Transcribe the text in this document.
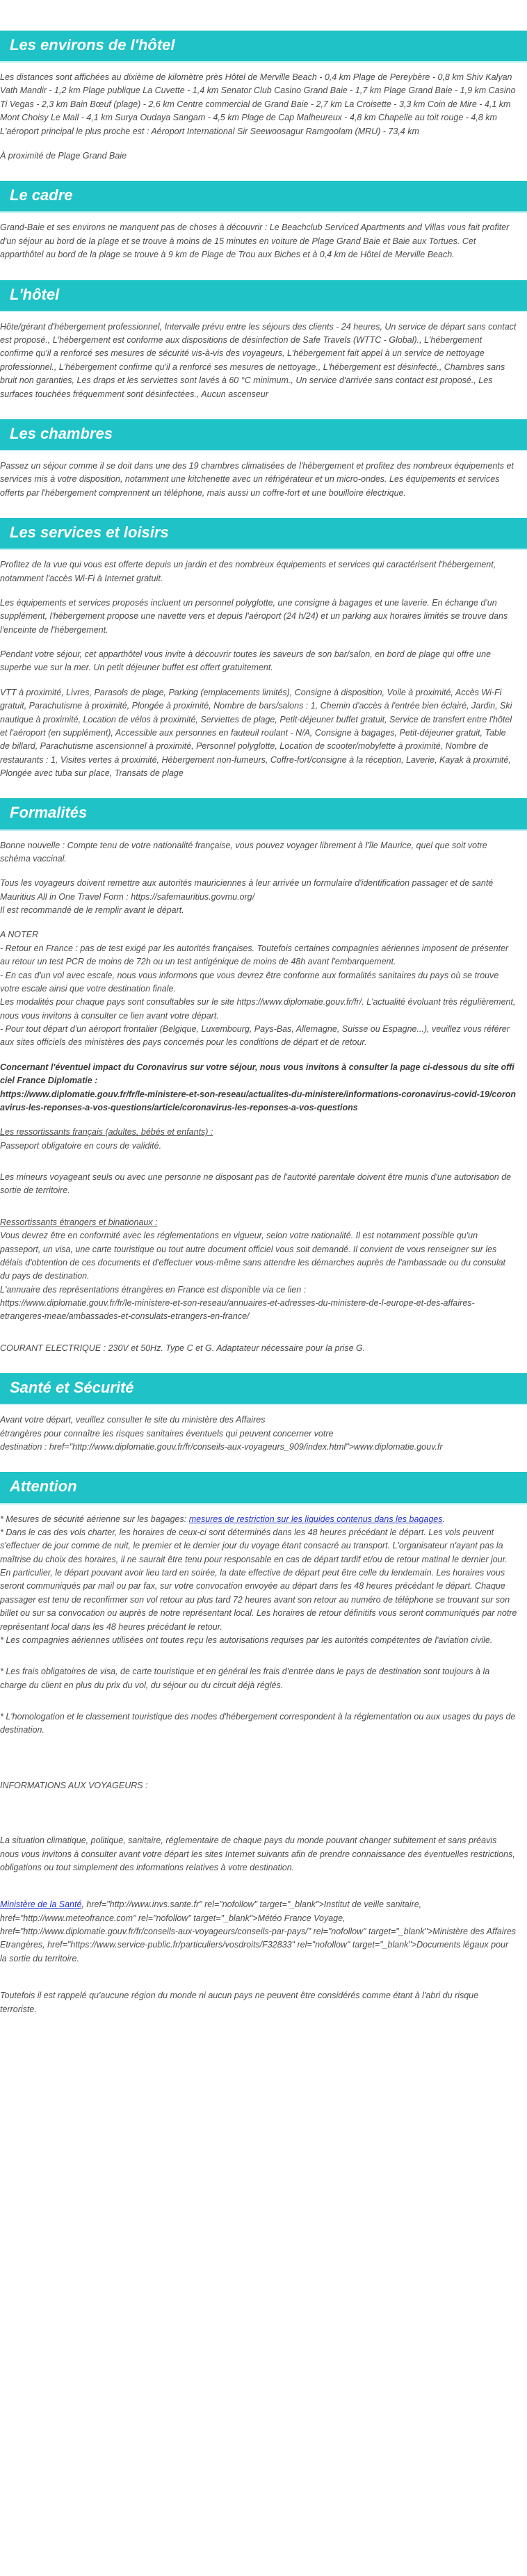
Les environs de l'hôtel

Les distances sont affichées au dixième de kilomètre près Hôtel de Merville Beach - 0,4 km Plage de Pereybère - 0,8 km Shiv Kalyan Vath Mandir - 1,2 km Plage publique La Cuvette - 1,4 km Senator Club Casino Grand Baie - 1,7 km Plage Grand Baie - 1,9 km Casino Ti Vegas - 2,3 km Bain Bœuf (plage) - 2,6 km Centre commercial de Grand Baie - 2,7 km La Croisette - 3,3 km Coin de Mire - 4,1 km Mont Choisy Le Mall - 4,1 km Surya Oudaya Sangam - 4,5 km Plage de Cap Malheureux - 4,8 km Chapelle au toit rouge - 4,8 km L'aéroport principal le plus proche est : Aéroport International Sir Seewoosagur Ramgoolam (MRU) - 73,4 km

À proximité de Plage Grand Baie

Le cadre

Grand-Baie et ses environs ne manquent pas de choses à découvrir : Le Beachclub Serviced Apartments and Villas vous fait profiter d'un séjour au bord de la plage et se trouve à moins de 15 minutes en voiture de Plage Grand Baie et Baie aux Tortues. Cet apparthôtel au bord de la plage se trouve à 9 km de Plage de Trou aux Biches et à 0,4 km de Hôtel de Merville Beach.

L'hôtel

Hôte/gérant d'hébergement professionnel, Intervalle prévu entre les séjours des clients - 24 heures, Un service de départ sans contact est proposé., L'hébergement est conforme aux dispositions de désinfection de Safe Travels (WTTC - Global)., L'hébergement confirme qu'il a renforcé ses mesures de sécurité vis-à-vis des voyageurs, L'hébergement fait appel à un service de nettoyage professionnel., L'hébergement confirme qu'il a renforcé ses mesures de nettoyage., L'hébergement est désinfecté., Chambres sans bruit non garanties, Les draps et les serviettes sont lavés à 60 °C minimum., Un service d'arrivée sans contact est proposé., Les surfaces touchées fréquemment sont désinfectées., Aucun ascenseur

Les chambres

Passez un séjour comme il se doit dans une des 19 chambres climatisées de l'hébergement et profitez des nombreux équipements et services mis à votre disposition, notamment une kitchenette avec un réfrigérateur et un micro-ondes. Les équipements et services offerts par l'hébergement comprennent un téléphone, mais aussi un coffre-fort et une bouilloire électrique.

Les services et loisirs

Profitez de la vue qui vous est offerte depuis un jardin et des nombreux équipements et services qui caractérisent l'hébergement, notamment l'accès Wi-Fi à Internet gratuit.

Les équipements et services proposés incluent un personnel polyglotte, une consigne à bagages et une laverie. En échange d'un supplément, l'hébergement propose une navette vers et depuis l'aéroport (24 h/24) et un parking aux horaires limités se trouve dans l'enceinte de l'hébergement.

Pendant votre séjour, cet apparthôtel vous invite à découvrir toutes les saveurs de son bar/salon, en bord de plage qui offre une superbe vue sur la mer. Un petit déjeuner buffet est offert gratuitement.

VTT à proximité, Livres, Parasols de plage, Parking (emplacements limités), Consigne à disposition, Voile à proximité, Accès Wi-Fi gratuit, Parachutisme à proximité, Plongée à proximité, Nombre de bars/salons : 1, Chemin d'accès à l'entrée bien éclairé, Jardin, Ski nautique à proximité, Location de vélos à proximité, Serviettes de plage, Petit-déjeuner buffet gratuit, Service de transfert entre l'hôtel et l'aéroport (en supplément), Accessible aux personnes en fauteuil roulant - N/A, Consigne à bagages, Petit-déjeuner gratuit, Table de billard, Parachutisme ascensionnel à proximité, Personnel polyglotte, Location de scooter/mobylette à proximité, Nombre de restaurants : 1, Visites vertes à proximité, Hébergement non-fumeurs, Coffre-fort/consigne à la réception, Laverie, Kayak à proximité, Plongée avec tuba sur place, Transats de plage

Formalités

Bonne nouvelle : Compte tenu de votre nationalité française, vous pouvez voyager librement à l'île Maurice, quel que soit votre schéma vaccinal.

Tous les voyageurs doivent remettre aux autorités mauriciennes à leur arrivée un formulaire d'identification passager et de santé Mauritius All in One Travel Form : https://safemauritius.govmu.org/
Il est recommandé de le remplir avant le départ.

A NOTER
- Retour en France : pas de test exigé par les autorités françaises. Toutefois certaines compagnies aériennes imposent de présenter au retour un test PCR de moins de 72h ou un test antigénique de moins de 48h avant l'embarquement.
- En cas d'un vol avec escale, nous vous informons que vous devrez être conforme aux formalités sanitaires du pays où se trouve votre escale ainsi que votre destination finale.
Les modalités pour chaque pays sont consultables sur le site https://www.diplomatie.gouv.fr/fr/. L'actualité évoluant très régulièrement, nous vous invitons à consulter ce lien avant votre départ.
- Pour tout départ d'un aéroport frontalier (Belgique, Luxembourg, Pays-Bas, Allemagne, Suisse ou Espagne...), veuillez vous référer aux sites officiels des ministères des pays concernés pour les conditions de départ et de retour.

Concernant l'éventuel impact du Coronavirus sur votre séjour, nous vous invitons à consulter la page ci-dessous du site officiel France Diplomatie :
https://www.diplomatie.gouv.fr/fr/le-ministere-et-son-reseau/actualites-du-ministere/informations-coronavirus-covid-19/coronavirus-les-reponses-a-vos-questions/article/coronavirus-les-reponses-a-vos-questions

Les ressortissants français (adultes, bébés et enfants) :
Passeport obligatoire en cours de validité.

Les mineurs voyageant seuls ou avec une personne ne disposant pas de l'autorité parentale doivent être munis d'une autorisation de sortie de territoire.

Ressortissants étrangers et binationaux :
Vous devrez être en conformité avec les réglementations en vigueur, selon votre nationalité. Il est notamment possible qu'un passeport, un visa, une carte touristique ou tout autre document officiel vous soit demandé. Il convient de vous renseigner sur les délais d'obtention de ces documents et d'effectuer vous-même sans attendre les démarches auprès de l'ambassade ou du consulat du pays de destination.
L'annuaire des représentations étrangères en France est disponible via ce lien :
https://www.diplomatie.gouv.fr/fr/le-ministere-et-son-reseau/annuaires-et-adresses-du-ministere-de-l-europe-et-des-affaires-etrangeres-meae/ambassades-et-consulats-etrangers-en-france/

COURANT ELECTRIQUE : 230V et 50Hz. Type C et G. Adaptateur nécessaire pour la prise G.

Santé et Sécurité

Avant votre départ, veuillez consulter le site du ministère des Affaires
étrangères pour connaître les risques sanitaires éventuels qui peuvent concerner votre
destination : href="http://www.diplomatie.gouv.fr/fr/conseils-aux-voyageurs_909/index.html">www.diplomatie.gouv.fr

Attention

* Mesures de sécurité aérienne sur les bagages: mesures de restriction sur les liquides contenus dans les bagages.

* Dans le cas des vols charter, les horaires de ceux-ci sont déterminés dans les 48 heures précédant le départ. Les vols peuvent s'effectuer de jour comme de nuit, le premier et le dernier jour du voyage étant consacré au transport. L'organisateur n'ayant pas la maîtrise du choix des horaires, il ne saurait être tenu pour responsable en cas de départ tardif et/ou de retour matinal le dernier jour. En particulier, le départ pouvant avoir lieu tard en soirée, la date effective de départ peut être celle du lendemain. Les horaires vous seront communiqués par mail ou par fax, sur votre convocation envoyée au départ dans les 48 heures précédant le départ. Chaque passager est tenu de reconfirmer son vol retour au plus tard 72 heures avant son retour au numéro de téléphone se trouvant sur son billet ou sur sa convocation ou auprès de notre représentant local. Les horaires de retour définitifs vous seront communiqués par notre représentant local dans les 48 heures précédant le retour.
* Les compagnies aériennes utilisées ont toutes reçu les autorisations requises par les autorités compétentes de l'aviation civile.

* Les frais obligatoires de visa, de carte touristique et en général les frais d'entrée dans le pays de destination sont toujours à la charge du client en plus du prix du vol, du séjour ou du circuit déjà réglés.

* L'homologation et le classement touristique des modes d'hébergement correspondent à la réglementation ou aux usages du pays de destination.

INFORMATIONS AUX VOYAGEURS :

La situation climatique, politique, sanitaire, réglementaire de chaque pays du monde pouvant changer subitement et sans préavis
nous vous invitons à consulter avant votre départ les sites Internet suivants afin de prendre connaissance des éventuelles restrictions, obligations ou tout simplement des informations relatives à votre destination.

Ministère de la Santé, href="http://www.invs.sante.fr" rel="nofollow" target="_blank">Institut de veille sanitaire, href="http://www.meteofrance.com" rel="nofollow" target="_blank">Météo France Voyage, href="http://www.diplomatie.gouv.fr/fr/conseils-aux-voyageurs/conseils-par-pays/" rel="nofollow" target="_blank">Ministère des Affaires Etrangères, href="https://www.service-public.fr/particuliers/vosdroits/F32833" rel="nofollow" target="_blank">Documents légaux pour la sortie du territoire.

Toutefois il est rappelé qu'aucune région du monde ni aucun pays ne peuvent être considérés comme étant à l'abri du risque terroriste.
